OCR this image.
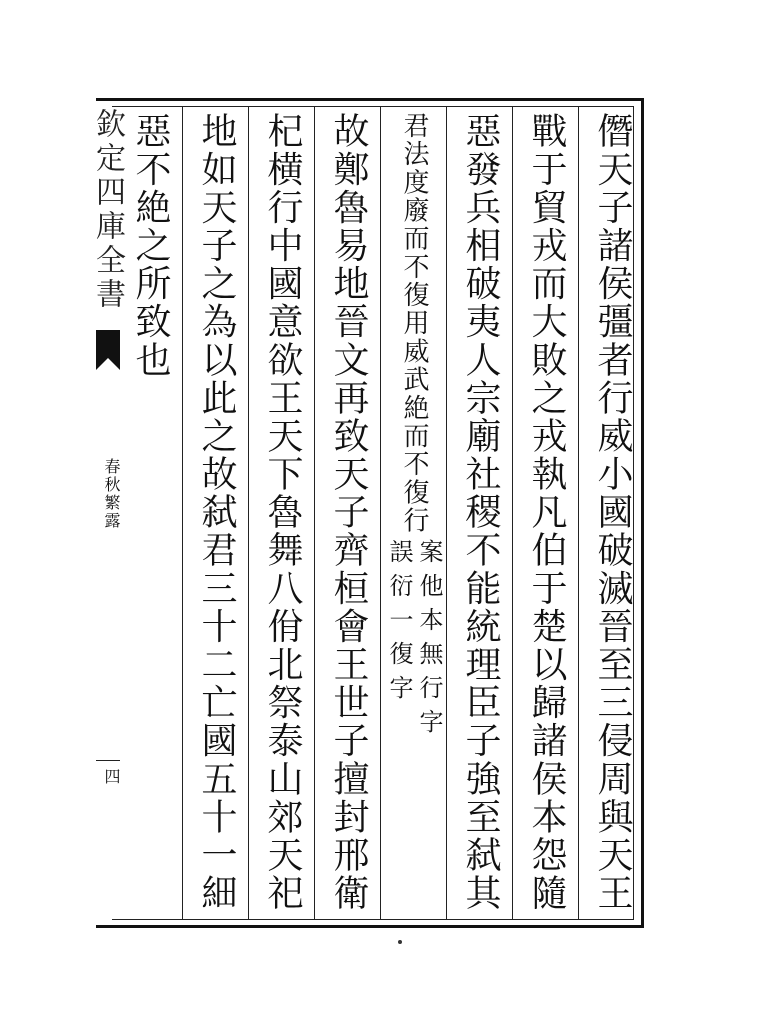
僭天子諸侯彊者行威小國破滅晉至三侵周與天王
戰于貿戎而大敗之戎執凡伯于楚以歸諸侯本怨隨
惡發兵相破夷人宗廟社稷不能統理臣子強至弑其
君法度廢而不復用威武絶而不復行
案他本無行字
誤衍一復字
故鄭魯易地晉文再致天子齊桓會王世子擅封邢衛
杞横行中國意欲王天下魯舞八佾北祭泰山郊天祀
地如天子之為以此之故弑君三十二亡國五十一細
惡不絶之所致也
欽定四庫全書
春秋繁露
四
